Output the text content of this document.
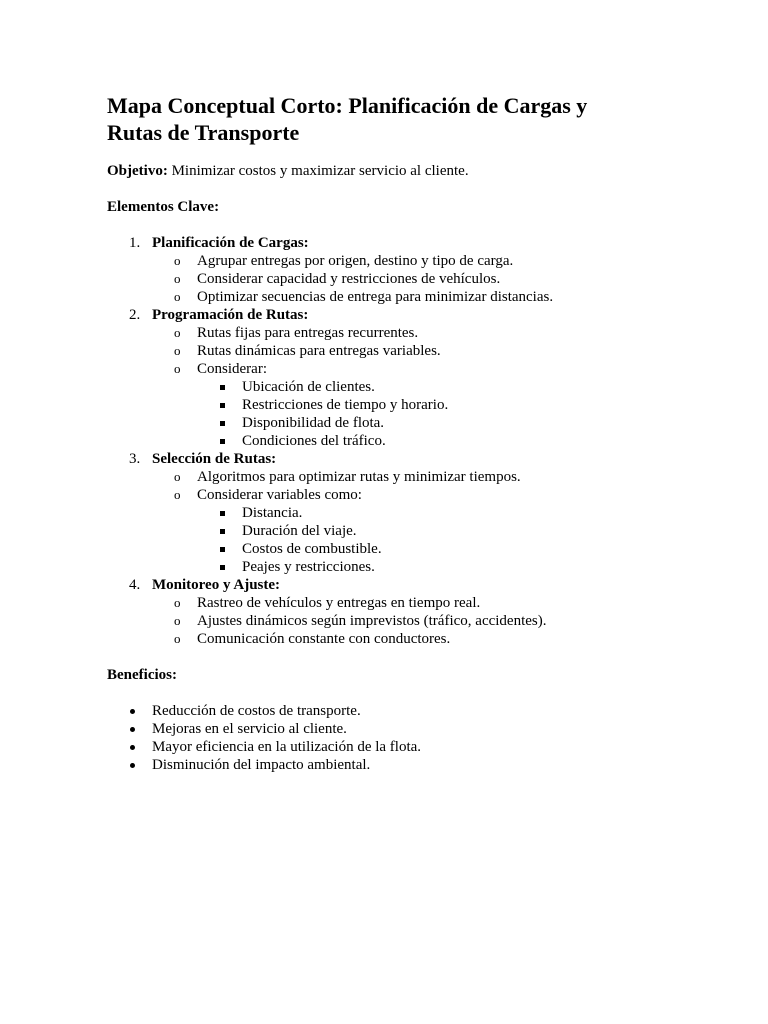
Mapa Conceptual Corto: Planificación de Cargas y Rutas de Transporte

Objetivo: Minimizar costos y maximizar servicio al cliente.

Elementos Clave:

1. Planificación de Cargas:
o Agrupar entregas por origen, destino y tipo de carga.
o Considerar capacidad y restricciones de vehículos.
o Optimizar secuencias de entrega para minimizar distancias.
2. Programación de Rutas:
o Rutas fijas para entregas recurrentes.
o Rutas dinámicas para entregas variables.
o Considerar:
Ubicación de clientes.
Restricciones de tiempo y horario.
Disponibilidad de flota.
Condiciones del tráfico.
3. Selección de Rutas:
o Algoritmos para optimizar rutas y minimizar tiempos.
o Considerar variables como:
Distancia.
Duración del viaje.
Costos de combustible.
Peajes y restricciones.
4. Monitoreo y Ajuste:
o Rastreo de vehículos y entregas en tiempo real.
o Ajustes dinámicos según imprevistos (tráfico, accidentes).
o Comunicación constante con conductores.

Beneficios:

Reducción de costos de transporte.
Mejoras en el servicio al cliente.
Mayor eficiencia en la utilización de la flota.
Disminución del impacto ambiental.
